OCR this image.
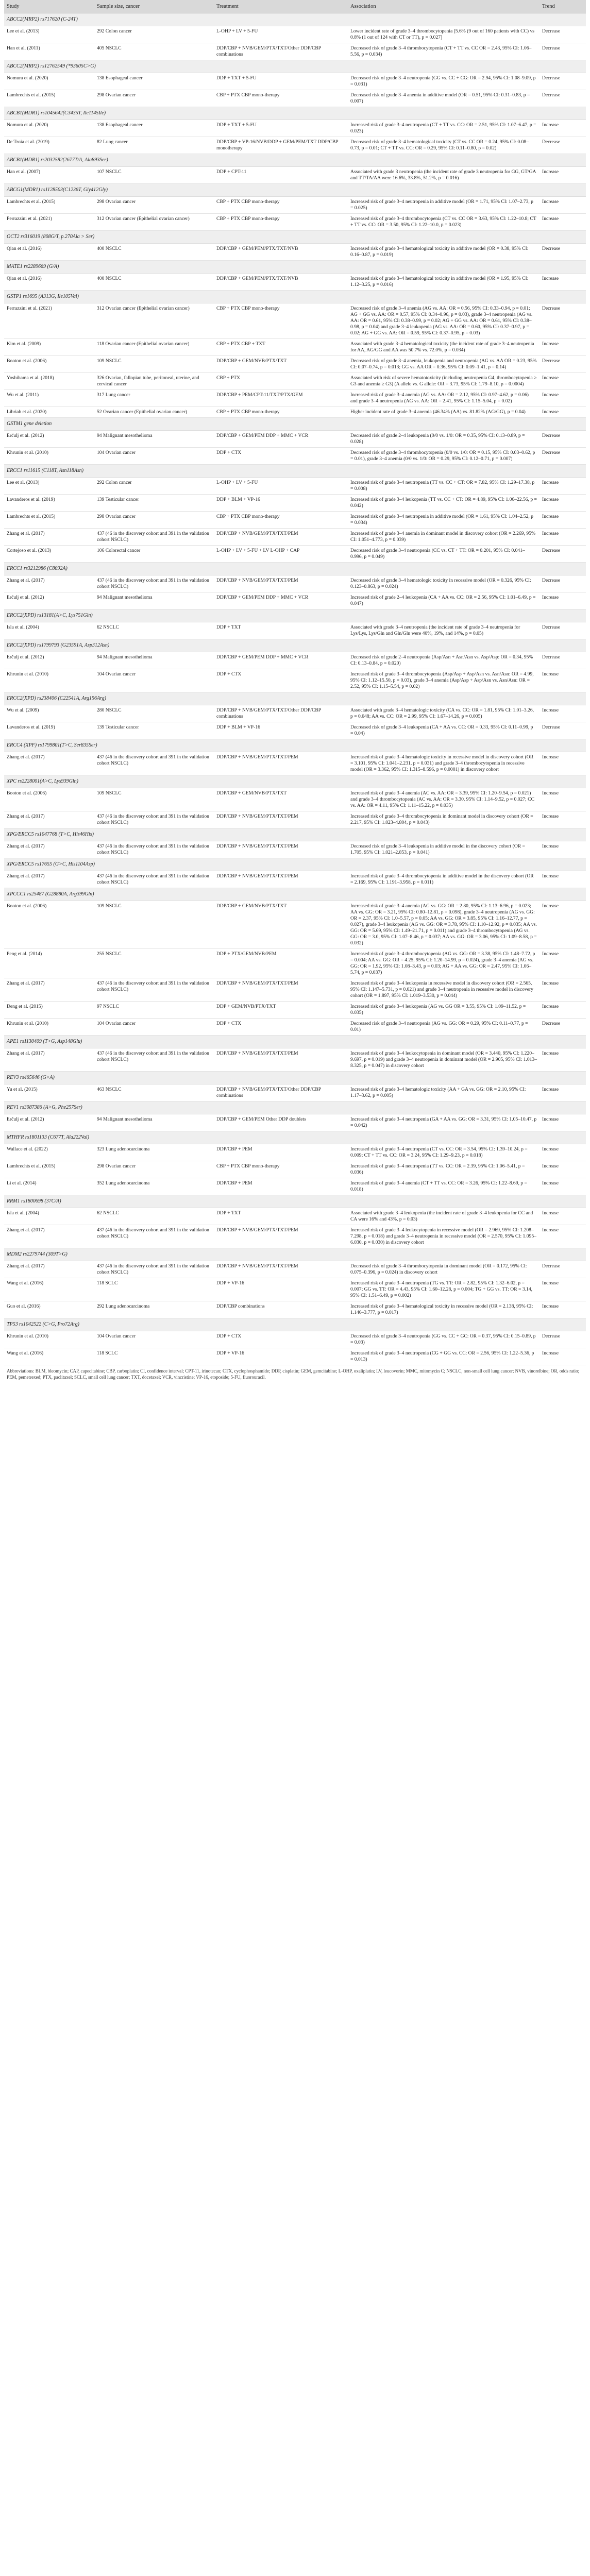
Study	Sample size, cancer	Treatment	Association	Trend
ABCC2(MRP2) rs717620 (C-24T)				
Lee et al. (2013)	292 Colon cancer	L-OHP + LV + 5-FU	Lower incident rate of grade 3–4 thrombocytopenia [5.6% (9 out of 160 patients with CC) vs 0.8% (1 out of 124 with CT or TT), p = 0.027]	Decrease
Han et al. (2011)	405 NSCLC	DDP/CBP + NVB/GEM/PTX/TXT/Other DDP/CBP combinations	Decreased risk of grade 3–4 thrombocytopenia (CT + TT vs. CC OR = 2.43, 95% CI: 1.06–5.56, p = 0.034)	Decrease
ABCC2(MRP2) rs12762549 (*93605C>G)				
Nomura et al. (2020)	138 Esophageal cancer	DDP + TXT + 5-FU	Decreased risk of grade 3–4 neutropenia (GG vs. CC + CG: OR = 2.94, 95% CI: 1.08–9.09, p = 0.031)	Decrease
Lambrechts et al. (2015)	298 Ovarian cancer	CBP + PTX CBP mono-therapy	Decreased risk of grade 3–4 anemia in additive model (OR = 0.51, 95% CI: 0.31–0.83, p = 0.007)	Decrease
ABCB1(MDR1) rs1045642(C3435T, Ile1145Ile)				
Nomura et al. (2020)	138 Esophageal cancer	DDP + TXT + 5-FU	Increased risk of grade 3–4 neutropenia (CT + TT vs. CC: OR = 2.51, 95% CI: 1.07–6.47, p = 0.023)	Increase
De Troia et al. (2019)	82 Lung cancer	DDP/CBP + VP-16/NVB/DDP + GEM/PEM/TXT DDP/CBP monotherapy	Decreased risk of grade 3–4 hematological toxicity (CT vs. CC OR = 0.24, 95% CI: 0.08–0.73, p = 0.01; CT + TT vs. CC: OR = 0.29, 95% CI: 0.11–0.80, p = 0.02)	Decrease
ABCB1(MDR1) rs2032582(2677T/A, Ala893Ser)				
Han et al. (2007)	107 NSCLC	DDP + CPT-11	Associated with grade 3 neutropenia (the incident rate of grade 3 neutropenia for GG, GT/GA and TT/TA/AA were 16.6%, 33.8%, 51.2%, p = 0.016)	Increase
ABCG1(MDR1) rs1128503(C1236T, Gly412Gly)				
Lambrechts et al. (2015)	298 Ovarian cancer	CBP + PTX CBP mono-therapy	Increased risk of grade 3–4 neutropenia in additive model (OR = 1.71, 95% CI: 1.07–2.73, p = 0.025)	Increase
Perrazzini et al. (2021)	312 Ovarian cancer (Epithelial ovarian cancer)	CBP + PTX CBP mono-therapy	Increased risk of grade 3–4 thrombocytopenia (CT vs. CC OR = 3.63, 95% CI: 1.22–10.8; CT + TT vs. CC: OR = 3.50, 95% CI: 1.22–10.0, p = 0.023)	Increase
OCT2 rs316019 (808G/T, p.270Ala > Ser)				
Qian et al. (2016)	400 NSCLC	DDP/CBP + GEM/PEM/PTX/TXT/NVB	Increased risk of grade 3–4 hematological toxicity in additive model (OR = 0.38, 95% CI: 0.16–0.87, p = 0.019)	Decrease
MATE1 rs2289669 (G/A)				
Qian et al. (2016)	400 NSCLC	DDP/CBP + GEM/PEM/PTX/TXT/NVB	Increased risk of grade 3–4 hematological toxicity in additive model (OR = 1.95, 95% CI: 1.12–3.25, p = 0.016)	Increase
GSTP1 rs1695 (A313G, Ile105Val)				
Perrazzini et al. (2021)	312 Ovarian cancer (Epithelial ovarian cancer)	CBP + PTX CBP mono-therapy	Decreased risk of grade 3–4 anemia (AG vs. AA: OR = 0.56, 95% CI: 0.33–0.94, p = 0.01; AG + GG vs. AA: OR = 0.57, 95% CI: 0.34–0.96, p = 0.03), grade 3–4 neutropenia (AG vs. AA: OR = 0.61, 95% CI: 0.38–0.99, p = 0.02; AG + GG vs. AA: OR = 0.61, 95% CI: 0.38–0.98, p = 0.04) and grade 3–4 leukopenia (AG vs. AA: OR = 0.60, 95% CI: 0.37–0.97, p = 0.02; AG + GG vs. AA: OR = 0.59, 95% CI: 0.37–0.95, p = 0.03)	Decrease
Kim et al. (2009)	118 Ovarian cancer (Epithelial ovarian cancer)	CBP + PTX CBP + TXT	Associated with grade 3–4 hematological toxicity (the incident rate of grade 3–4 neutropenia for AA, AG/GG and AA was 50.7% vs. 72.0%, p = 0.034)	Increase
Booton et al. (2006)	109 NSCLC	DDP/CBP + GEM/NVB/PTX/TXT	Decreased risk of grade 3–4 anemia, leukopenia and neutropenia (AG vs. AA OR = 0.23, 95% CI: 0.07–0.74, p = 0.013; GG vs. AA OR = 0.36, 95% CI: 0.09–1.41, p = 0.14)	Decrease
Yoshihama et al. (2018)	326 Ovarian, fallopian tube, peritoneal, uterine, and cervical cancer	CBP + PTX	Associated with risk of severe hematotoxicity (including neutropenia G4, thrombocytopenia ≥ G3 and anemia ≥ G3) (A allele vs. G allele: OR = 3.73, 95% CI: 1.79–8.10, p = 0.0004)	Increase
Wu et al. (2011)	317 Lung cancer	DDP/CBP + PEM/CPT-11/TXT/PTX/GEM	Increased risk of grade 3–4 anemia (AG vs. AA: OR = 2.12, 95% CI: 0.97–4.62, p = 0.06) and grade 3–4 neutropenia (AG vs. AA: OR = 2.41, 95% CI: 1.15–5.04, p = 0.02)	Increase
Libriah et al. (2020)	52 Ovarian cancer (Epithelial ovarian cancer)	CBP + PTX CBP mono-therapy	Higher incident rate of grade 3–4 anemia (46.34% (AA) vs. 81.82% (AG/GG), p = 0.04)	Increase
GSTM1 gene deletion				
Erčulj et al. (2012)	94 Malignant mesothelioma	DDP/CBP + GEM/PEM DDP + MMC + VCR	Decreased risk of grade 2–4 leukopenia (0/0 vs. 1/0: OR = 0.35, 95% CI: 0.13–0.89, p = 0.028)	Decrease
Khrunin et al. (2010)	104 Ovarian cancer	DDP + CTX	Decreased risk of grade 3–4 thrombocytopenia (0/0 vs. 1/0: OR = 0.15, 95% CI: 0.03–0.62, p = 0.01), grade 3–4 anemia (0/0 vs. 1/0: OR = 0.29, 95% CI: 0.12–0.71, p = 0.007)	Decrease
ERCC1 rs11615 (C118T, Asn118Asn)				
Lee et al. (2013)	292 Colon cancer	L-OHP + LV + 5-FU	Increased risk of grade 3–4 neutropenia (TT vs. CC + CT: OR = 7.82, 95% CI: 1.29–17.38, p = 0.008)	Increase
Lavanderos et al. (2019)	139 Testicular cancer	DDP + BLM + VP-16	Increased risk of grade 3–4 leukopenia (TT vs. CC + CT: OR = 4.89, 95% CI: 1.06–22.56, p = 0.042)	Increase
Lambrechts et al. (2015)	298 Ovarian cancer	CBP + PTX CBP mono-therapy	Increased risk of grade 3–4 neutropenia in additive model (OR = 1.61, 95% CI: 1.04–2.52, p = 0.034)	Increase
Zhang et al. (2017)	437 (46 in the discovery cohort and 391 in the validation cohort NSCLC)	DDP/CBP + NVB/GEM/PTX/TXT/PEM	Increased risk of grade 3–4 anemia in dominant model in discovery cohort (OR = 2.269, 95% CI: 1.051–4.773, p = 0.039)	Increase
Cortejoso et al. (2013)	106 Colorectal cancer	L-OHP + LV + 5-FU + LV L-OHP + CAP	Decreased risk of grade 3–4 neutropenia (CC vs. CT + TT: OR = 0.201, 95% CI: 0.041–0.996, p = 0.049)	Decrease
ERCC1 rs3212986 (C8092A)				
Zhang et al. (2017)	437 (46 in the discovery cohort and 391 in the validation cohort NSCLC)	DDP/CBP + NVB/GEM/PTX/TXT/PEM	Decreased risk of grade 3–4 hematologic toxicity in recessive model (OR = 0.326, 95% CI: 0.123–0.863, p = 0.024)	Decrease
Erčulj et al. (2012)	94 Malignant mesothelioma	DDP/CBP + GEM/PEM DDP + MMC + VCR	Increased risk of grade 2–4 leukopenia (CA + AA vs. CC: OR = 2.56, 95% CI: 1.01–6.49, p = 0.047)	Increase
ERCC2(XPD) rs13181(A>C, Lys751Gln)				
Isla et al. (2004)	62 NSCLC	DDP + TXT	Associated with grade 3–4 neutropenia (the incident rate of grade 3–4 neutropenia for Lys/Lys, Lys/Gln and Gln/Gln were 40%, 19%, and 14%, p = 0.05)	Decrease
ERCC2(XPD) rs1799793 (G23591A, Asp312Asn)				
Erčulj et al. (2012)	94 Malignant mesothelioma	DDP/CBP + GEM/PEM DDP + MMC + VCR	Decreased risk of grade 2–4 neutropenia (Asp/Asn + Asn/Asn vs. Asp/Asp: OR = 0.34, 95% CI: 0.13–0.84, p = 0.020)	Decrease
Khrunin et al. (2010)	104 Ovarian cancer	DDP + CTX	Increased risk of grade 3–4 thrombocytopenia (Asp/Asp + Asp/Asn vs. Asn/Asn: OR = 4.99, 95% CI: 1.12–15.50, p = 0.03), grade 3–4 anemia (Asp/Asp + Asp/Asn vs. Asn/Asn: OR = 2.52, 95% CI: 1.15–5.54, p = 0.02)	Increase
ERCC2(XPD) rs238406 (C22541A, Arg156Arg)				
Wu et al. (2009)	280 NSCLC	DDP/CBP + NVB/GEM/PTX/TXT/Other DDP/CBP combinations	Associated with grade 3–4 hematologic toxicity (CA vs. CC: OR = 1.81, 95% CI: 1.01–3.26, p = 0.048; AA vs. CC: OR = 2.99, 95% CI: 1.67–14.26, p = 0.005)	Increase
Lavanderos et al. (2019)	139 Testicular cancer	DDP + BLM + VP-16	Decreased risk of grade 3–4 leukopenia (CA + AA vs. CC: OR = 0.33, 95% CI: 0.11–0.99, p = 0.04)	Decrease
ERCC4 (XPF) rs1799801(T>C, Ser835Ser)				
Zhang et al. (2017)	437 (46 in the discovery cohort and 391 in the validation cohort NSCLC)	DDP/CBP + NVB/GEM/PTX/TXT/PEM	Increased risk of grade 3–4 hematologic toxicity in recessive model in discovery cohort (OR = 3.101, 95% CI: 1.041–2.231, p = 0.031) and grade 3–4 thrombocytopenia in recessive model (OR = 3.362, 95% CI: 1.315–8.596, p = 0.0001) in discovery cohort	Increase
XPC rs2228001(A>C, Lys939Gln)				
Booton et al. (2006)	109 NSCLC	DDP/CBP + GEM/NVB/PTX/TXT	Increased risk of grade 3–4 anemia (AC vs. AA: OR = 3.39, 95% CI: 1.20–9.54, p = 0.021) and grade 3–4 thrombocytopenia (AC vs. AA: OR = 3.30, 95% CI: 1.14–9.52, p = 0.027; CC vs. AA: OR = 4.11, 95% CI: 1.11–15.22, p = 0.035)	Increase
Zhang et al. (2017)	437 (46 in the discovery cohort and 391 in the validation cohort NSCLC)	DDP/CBP + NVB/GEM/PTX/TXT/PEM	Increased risk of grade 3–4 thrombocytopenia in dominant model in discovery cohort (OR = 2.217, 95% CI: 1.023–4.804, p = 0.043)	Increase
XPG/ERCC5 rs1047768 (T>C, His46His)				
Zhang et al. (2017)	437 (46 in the discovery cohort and 391 in the validation cohort NSCLC)	DDP/CBP + NVB/GEM/PTX/TXT/PEM	Decreased risk of grade 3–4 leukopenia in additive model in the discovery cohort (OR = 1.705, 95% CI: 1.021–2.853, p = 0.041)	Increase
XPG/ERCC5 rs17655 (G>C, His1104Asp)				
Zhang et al. (2017)	437 (46 in the discovery cohort and 391 in the validation cohort NSCLC)	DDP/CBP + NVB/GEM/PTX/TXT/PEM	Increased risk of grade 3–4 thrombocytopenia in additive model in the discovery cohort (OR = 2.169, 95% CI: 1.191–3.958, p = 0.011)	Increase
XPCCC1 rs25487 (G28880A, Arg399Gln)				
Booton et al. (2006)	109 NSCLC	DDP/CBP + GEM/NVB/PTX/TXT	Increased risk of grade 3–4 anemia (AG vs. GG: OR = 2.80, 95% CI: 1.13–6.96, p = 0.023; AA vs. GG: OR = 3.21, 95% CI: 0.80–12.81, p = 0.098), grade 3–4 neutropenia (AG vs. GG: OR = 2.37, 95% CI: 1.0–5.57, p = 0.05; AA vs. GG: OR = 3.85, 95% CI: 1.16–12.77, p = 0.027), grade 3–4 leukopenia (AG vs. GG: OR = 3.78, 95% CI: 1.10–12.92, p = 0.035; AA vs. GG: OR = 5.69, 95% CI: 1.49–21.71, p = 0.011) and grade 3–4 thrombocytopenia (AG vs. GG: OR = 3.0, 95% CI: 1.07–8.46, p = 0.037; AA vs. GG: OR = 3.06, 95% CI: 1.09–8.58, p = 0.032)	Increase
Peng et al. (2014)	255 NSCLC	DDP + PTX/GEM/NVB/PEM	Increased risk of grade 3–4 thrombocytopenia (AG vs. GG: OR = 3.38, 95% CI: 1.48–7.72, p = 0.004; AA vs. GG: OR = 4.25, 95% CI: 1.20–14.99, p = 0.024), grade 3–4 anemia (AG vs. GG: OR = 1.92, 95% CI: 1.08–3.43, p = 0.03; AG + AA vs. GG: OR = 2.47, 95% CI: 1.06–5.74, p = 0.037)	Increase
Zhang et al. (2017)	437 (46 in the discovery cohort and 391 in the validation cohort NSCLC)	DDP/CBP + NVB/GEM/PTX/TXT/PEM	Increased risk of grade 3–4 leukopenia in recessive model in discovery cohort (OR = 2.565, 95% CI: 1.147–5.731, p = 0.021) and grade 3–4 neutropenia in recessive model in discovery cohort (OR = 1.897, 95% CI: 1.019–3.530, p = 0.044)	Increase
Deng et al. (2015)	97 NSCLC	DDP + GEM/NVB/PTX/TXT	Increased risk of grade 3–4 leukopenia (AG vs. GG OR = 3.55, 95% CI: 1.09–11.52, p = 0.035)	Increase
Khrunin et al. (2010)	104 Ovarian cancer	DDP + CTX	Decreased risk of grade 3–4 neutropenia (AG vs. GG: OR = 0.29, 95% CI: 0.11–0.77, p = 0.01)	Decrease
APE1 rs1130409 (T>G, Asp148Glu)				
Zhang et al. (2017)	437 (46 in the discovery cohort and 391 in the validation cohort NSCLC)	DDP/CBP + NVB/GEM/PTX/TXT/PEM	Increased risk of grade 3–4 leukocytopenia in dominant model (OR = 3.440, 95% CI: 1.220–9.697, p = 0.019) and grade 3–4 neutropenia in dominant model (OR = 2.905, 95% CI: 1.013–8.325, p = 0.047) in discovery cohort	Increase
REV3 rs465646 (G>A)				
Yu et al. (2015)	463 NSCLC	DDP/CBP + NVB/GEM/PTX/TXT/Other DDP/CBP combinations	Increased risk of grade 3–4 hematologic toxicity (AA + GA vs. GG: OR = 2.10, 95% CI: 1.17–3.62, p = 0.005)	Increase
REV1 rs3087386 (A>G, Phe257Ser)				
Erčulj et al. (2012)	94 Malignant mesothelioma	DDP/CBP + GEM/PEM Other DDP doublets	Increased risk of grade 3–4 neutropenia (GA + AA vs. GG: OR = 3.31, 95% CI: 1.05–10.47, p = 0.042)	Increase
MTHFR rs1801133 (C677T, Ala222Val)				
Wallace et al. (2022)	323 Lung adenocarcinoma	DDP/CBP + PEM	Increased risk of grade 3–4 neutropenia (CT vs. CC: OR = 3.54, 95% CI: 1.39–10.24, p = 0.009; CT + TT vs. CC: OR = 3.24, 95% CI: 1.29–9.23, p = 0.018)	Increase
Lambrechts et al. (2015)	298 Ovarian cancer	CBP + PTX CBP mono-therapy	Increased risk of grade 3–4 neutropenia (TT vs. CC: OR = 2.39, 95% CI: 1.06–5.41, p = 0.036)	Increase
Li et al. (2014)	352 Lung adenocarcinoma	DDP/CBP + PEM	Increased risk of grade 3–4 anemia (CT + TT vs. CC: OR = 3.26, 95% CI: 1.22–8.69, p = 0.018)	Increase
RRM1 rs1800698 (37C/A)				
Isla et al. (2004)	62 NSCLC	DDP + TXT	Associated with grade 3–4 leukopenia (the incident rate of grade 3–4 leukopenia for CC and CA were 16% and 43%, p = 0.03)	Increase
Zhang et al. (2017)	437 (46 in the discovery cohort and 391 in the validation cohort NSCLC)	DDP/CBP + NVB/GEM/PTX/TXT/PEM	Increased risk of grade 3–4 leukocytopenia in recessive model (OR = 2.969, 95% CI: 1.208–7.298, p = 0.018) and grade 3–4 neutropenia in recessive model (OR = 2.570, 95% CI: 1.095–6.030, p = 0.030) in discovery cohort	Increase
MDM2 rs2279744 (309T>G)				
Zhang et al. (2017)	437 (46 in the discovery cohort and 391 in the validation cohort NSCLC)	DDP/CBP + NVB/GEM/PTX/TXT/PEM	Decreased risk of grade 3–4 thrombocytopenia in dominant model (OR = 0.172, 95% CI: 0.075–0.396, p = 0.024) in discovery cohort	Decrease
Wang et al. (2016)	118 SCLC	DDP + VP-16	Increased risk of grade 3–4 neutropenia (TG vs. TT: OR = 2.82, 95% CI: 1.32–6.02, p = 0.007; GG vs. TT: OR = 4.43, 95% CI: 1.60–12.28, p = 0.004; TG + GG vs. TT: OR = 3.14, 95% CI: 1.51–6.49, p = 0.002)	Increase
Guo et al. (2016)	292 Lung adenocarcinoma	DDP/CBP combinations	Increased risk of grade 3–4 hematological toxicity in recessive model (OR = 2.138, 95% CI: 1.146–3.777, p = 0.017)	Increase
TP53 rs1042522 (C>G, Pro72Arg)				
Khrunin et al. (2010)	104 Ovarian cancer	DDP + CTX	Decreased risk of grade 3–4 neutropenia (GG vs. CC + GC: OR = 0.37, 95% CI: 0.15–0.89, p = 0.03)	Decrease
Wang et al. (2016)	118 SCLC	DDP + VP-16	Increased risk of grade 3–4 neutropenia (CG + GG vs. CC: OR = 2.56, 95% CI: 1.22–5.36, p = 0.013)	Increase
Abbreviations: BLM, bleomycin; CAP, capecitabine; CBP, carboplatin; CI, confidence interval; CPT-11, irinotecan; CTX, cyclophosphamide; DDP, cisplatin; GEM, gemcitabine; L-OHP, oxaliplatin; LV, leucovorin; MMC, mitomycin C; NSCLC, non-small cell lung cancer; NVB, vinorelbine; OR, odds ratio; PEM, pemetrexed; PTX, paclitaxel; SCLC, small cell lung cancer; TXT, docetaxel; VCR, vincristine; VP-16, etoposide; 5-FU, fluorouracil.
